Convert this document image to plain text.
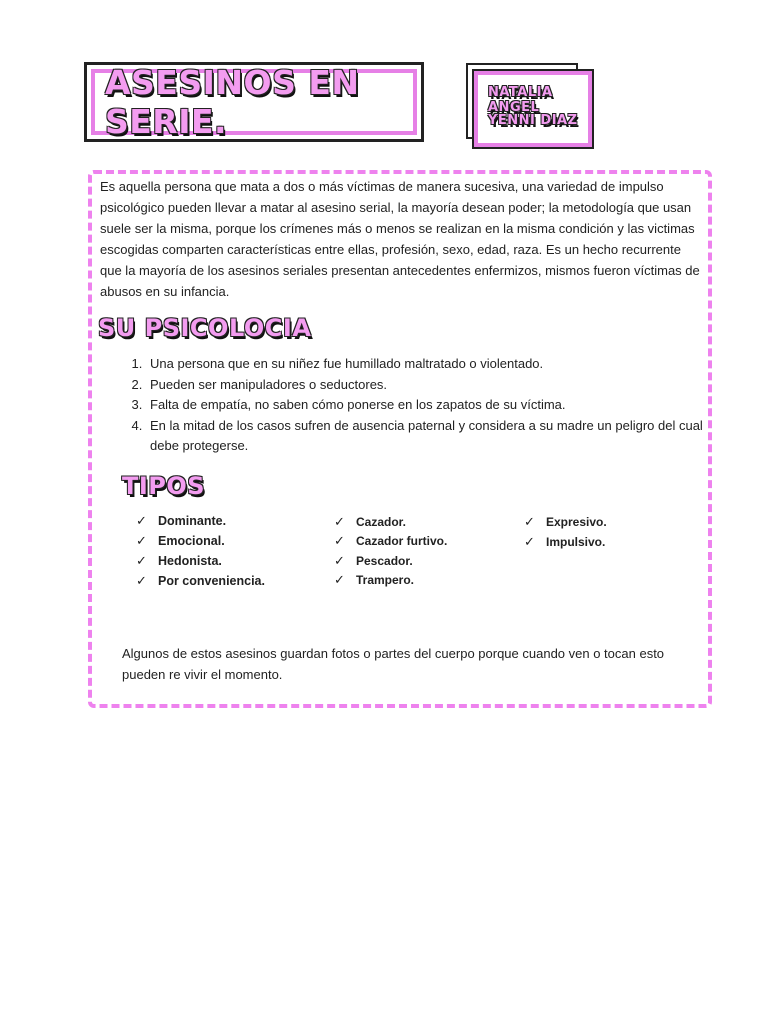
ASESINOS EN SERIE.
NATALIA ANGEL
YENNI DIAZ

Es aquella persona que mata a dos o más víctimas de manera sucesiva, una variedad de impulso psicológico pueden llevar a matar al asesino serial, la mayoría desean poder; la metodología que usan suele ser la misma, porque los crímenes más o menos se realizan en la misma condición y las victimas escogidas comparten características entre ellas, profesión, sexo, edad, raza. Es un hecho recurrente que la mayoría de los asesinos seriales presentan antecedentes enfermizos, mismos fueron víctimas de abusos en su infancia.

SU PSICOLOCIA
1. Una persona que en su niñez fue humillado maltratado o violentado.
2. Pueden ser manipuladores o seductores.
3. Falta de empatía, no saben cómo ponerse en los zapatos de su víctima.
4. En la mitad de los casos sufren de ausencia paternal y considera a su madre un peligro del cual debe protegerse.
TIPOS
✓ Dominante.
✓ Emocional.
✓ Hedonista.
✓ Por conveniencia.
✓ Cazador.
✓ Cazador furtivo.
✓ Pescador.
✓ Trampero.
✓ Expresivo.
✓ Impulsivo.

Algunos de estos asesinos guardan fotos o partes del cuerpo porque cuando ven o tocan esto pueden re vivir el momento.
